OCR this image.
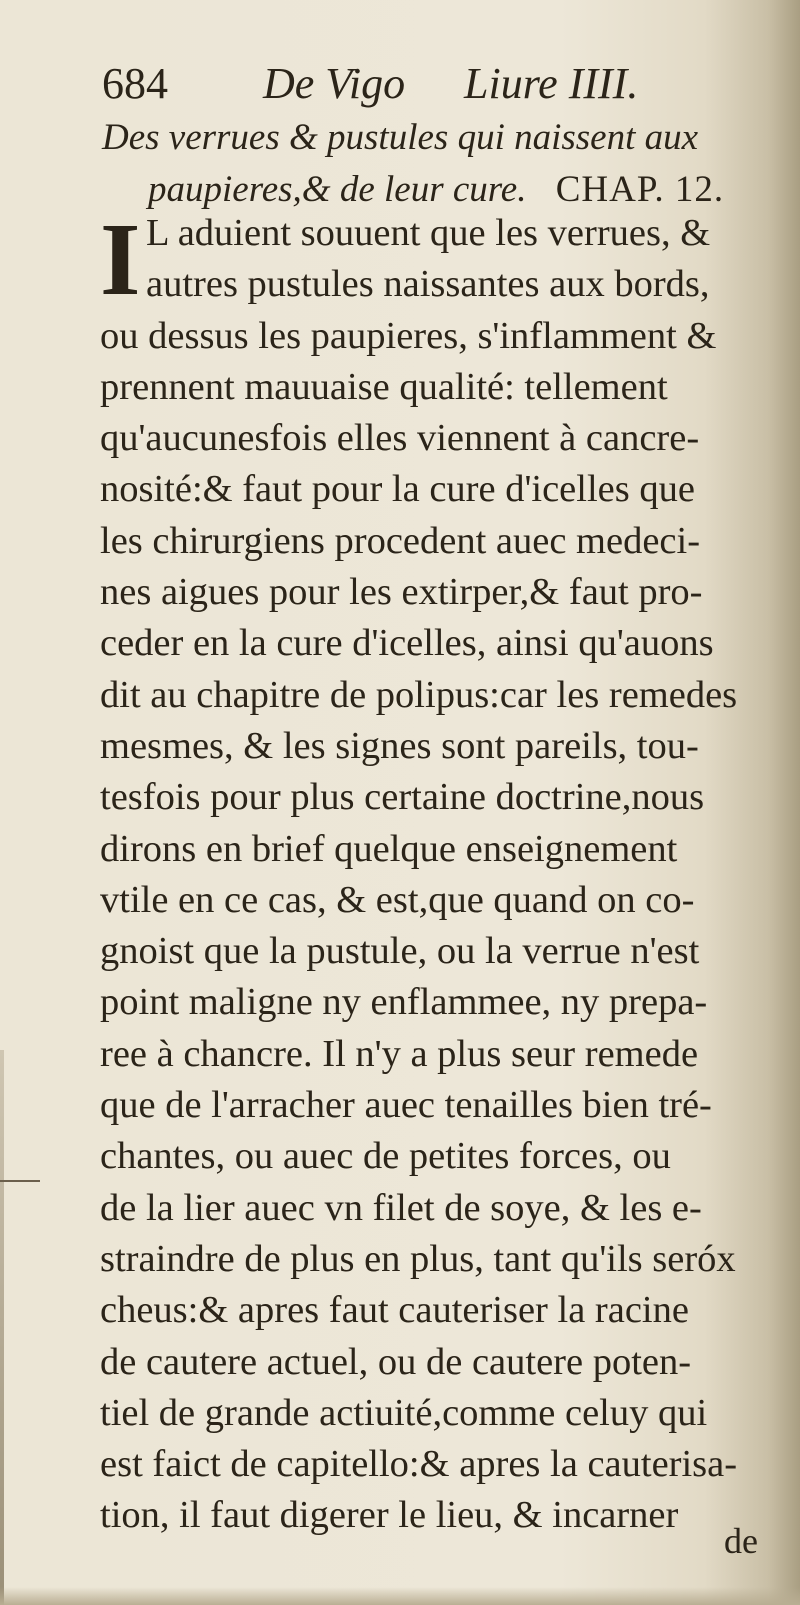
684 De Vigo Liure IIII.
Des verrues & pustules qui naissent aux
paupieres,& de leur cure. CHAP. 12.
I L aduient souuent que les verrues, &
autres pustules naissantes aux bords,
ou dessus les paupieres, s'inflamment &
prennent mauuaise qualité: tellement
qu'aucunesfois elles viennent à cancre-
nosité:& faut pour la cure d'icelles que
les chirurgiens procedent auec medeci-
nes aigues pour les extirper,& faut pro-
ceder en la cure d'icelles, ainsi qu'auons
dit au chapitre de polipus:car les remedes
mesmes, & les signes sont pareils, tou-
tesfois pour plus certaine doctrine,nous
dirons en brief quelque enseignement
vtile en ce cas, & est,que quand on co-
gnoist que la pustule, ou la verrue n'est
point maligne ny enflammee, ny prepa-
ree à chancre. Il n'y a plus seur remede
que de l'arracher auec tenailles bien tré-
chantes, ou auec de petites forces, ou
de la lier auec vn filet de soye, & les e-
straindre de plus en plus, tant qu'ils seróx
cheus:& apres faut cauteriser la racine
de cautere actuel, ou de cautere poten-
tiel de grande actiuité,comme celuy qui
est faict de capitello:& apres la cauterisa-
tion, il faut digerer le lieu, & incarner
de
